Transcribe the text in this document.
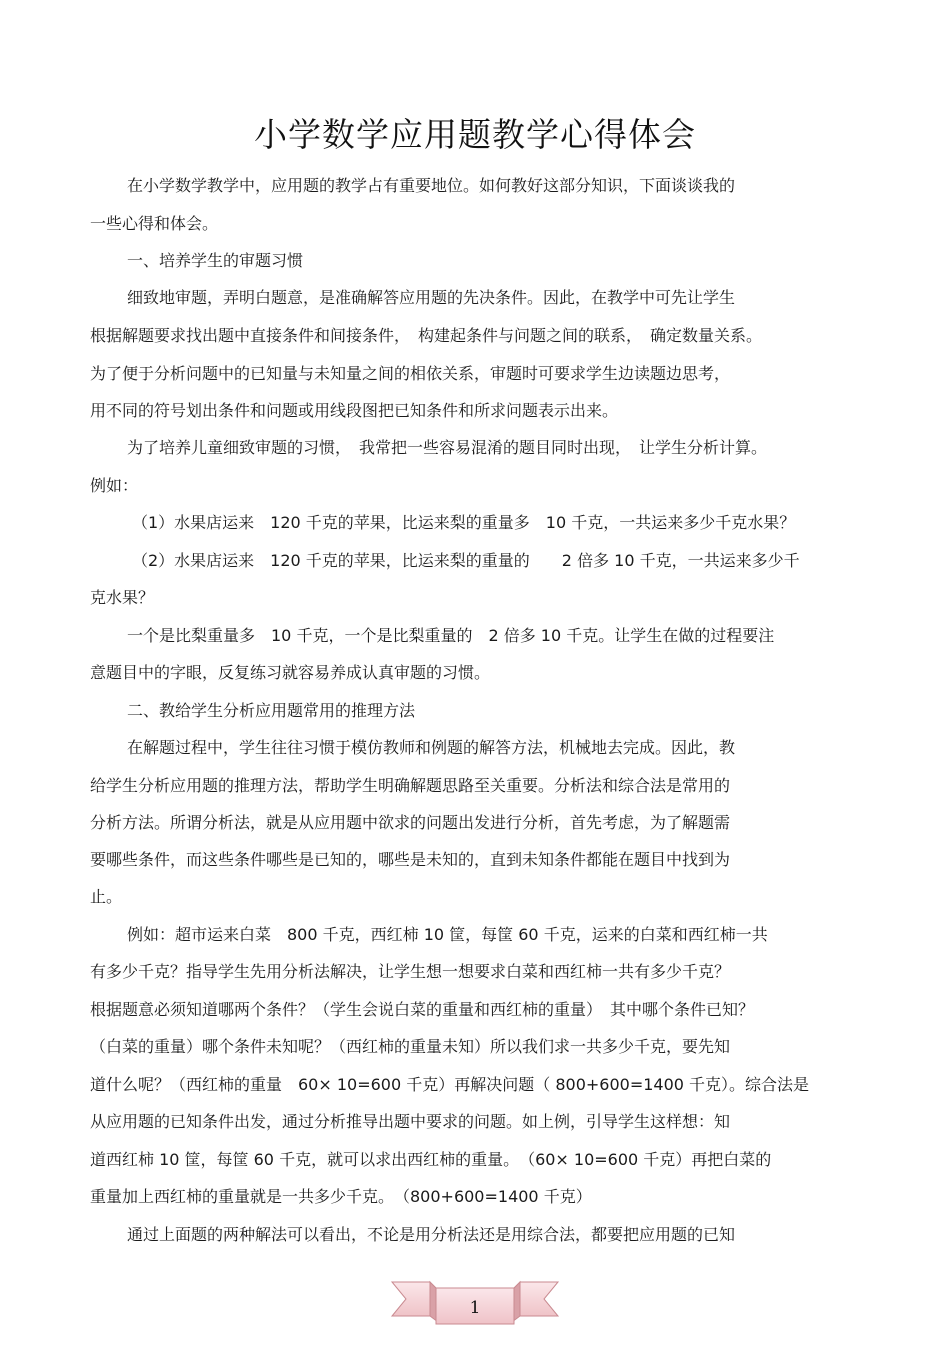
小学数学应用题教学心得体会
在小学数学教学中，应用题的教学占有重要地位。如何教好这部分知识，下面谈谈我的
一些心得和体会。
一、培养学生的审题习惯
细致地审题，弄明白题意，是准确解答应用题的先决条件。因此，在教学中可先让学生
根据解题要求找出题中直接条件和间接条件，　构建起条件与问题之间的联系，　确定数量关系。
为了便于分析问题中的已知量与未知量之间的相依关系，审题时可要求学生边读题边思考，
用不同的符号划出条件和问题或用线段图把已知条件和所求问题表示出来。
为了培养儿童细致审题的习惯，　我常把一些容易混淆的题目同时出现，　让学生分析计算。
例如：
（1）水果店运来　120 千克的苹果，比运来梨的重量多　10 千克，一共运来多少千克水果？
（2）水果店运来　120 千克的苹果，比运来梨的重量的　　2 倍多 10 千克，一共运来多少千
克水果？
一个是比梨重量多　10 千克，一个是比梨重量的　2 倍多 10 千克。让学生在做的过程要注
意题目中的字眼，反复练习就容易养成认真审题的习惯。
二、教给学生分析应用题常用的推理方法
在解题过程中，学生往往习惯于模仿教师和例题的解答方法，机械地去完成。因此，教
给学生分析应用题的推理方法，帮助学生明确解题思路至关重要。分析法和综合法是常用的
分析方法。所谓分析法，就是从应用题中欲求的问题出发进行分析，首先考虑，为了解题需
要哪些条件，而这些条件哪些是已知的，哪些是未知的，直到未知条件都能在题目中找到为
止。
例如：超市运来白菜　800 千克，西红柿 10 筐，每筐 60 千克，运来的白菜和西红柿一共
有多少千克？指导学生先用分析法解决，让学生想一想要求白菜和西红柿一共有多少千克？
根据题意必须知道哪两个条件？（学生会说白菜的重量和西红柿的重量）　其中哪个条件已知？
（白菜的重量）哪个条件未知呢？（西红柿的重量未知）所以我们求一共多少千克，要先知
道什么呢？（西红柿的重量　60× 10=600 千克）再解决问题（ 800+600=1400 千克）。综合法是
从应用题的已知条件出发，通过分析推导出题中要求的问题。如上例，引导学生这样想：知
道西红柿 10 筐，每筐 60 千克，就可以求出西红柿的重量。　（60× 10=600 千克）再把白菜的
重量加上西红柿的重量就是一共多少千克。　（800+600=1400 千克）
通过上面题的两种解法可以看出，不论是用分析法还是用综合法，都要把应用题的已知
1
